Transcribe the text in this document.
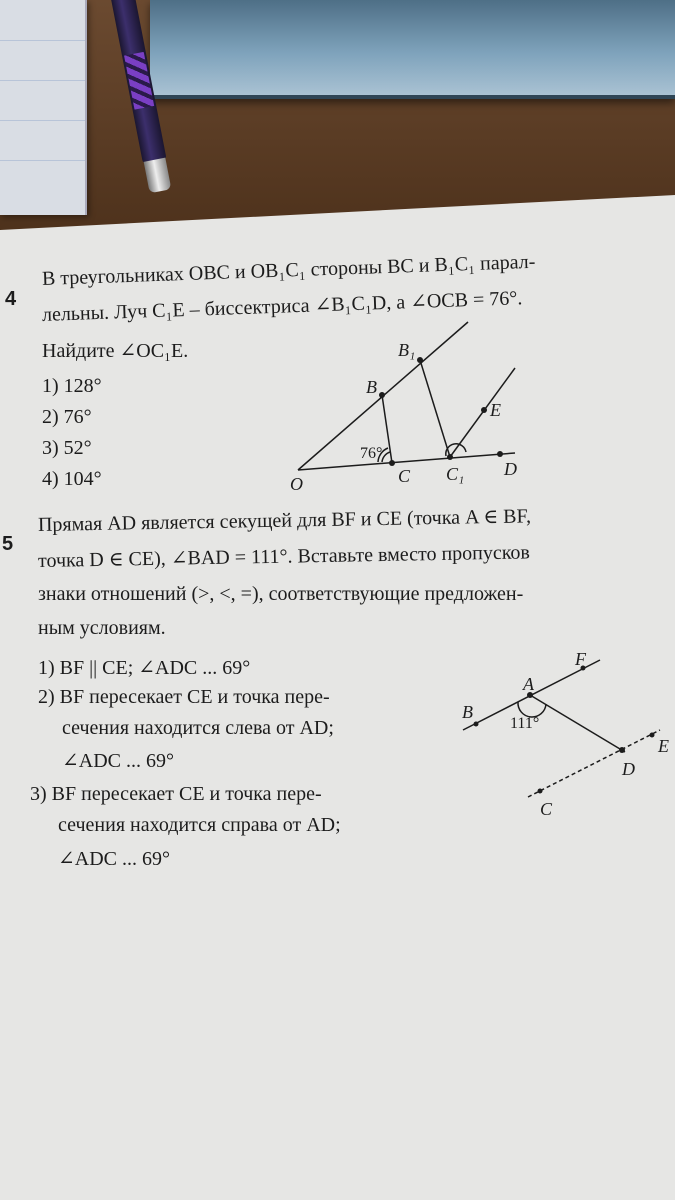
4
В треугольниках OBC и OB₁C₁ стороны BC и B₁C₁ парал-
лельны. Луч C₁E – биссектриса ∠B₁C₁D, а ∠OCB = 76°.
Найдите ∠OC₁E.
1) 128°
2) 76°
3) 52°
4) 104°	O
B
B₁
C C₁ D
E
76°
5
Прямая AD является секущей для BF и CE (точка A ∈ BF,
точка D ∈ CE), ∠BAD = 111°. Вставьте вместо пропусков
знаки отношений (>, <, =), соответствующие предложен-
ным условиям.
1) BF || CE; ∠ADC ... 69°
2) BF пересекает CE и точка пере-
сечения находится слева от AD;
∠ADC ... 69°
3) BF пересекает CE и точка пере-
сечения находится справа от AD;
∠ADC ... 69°
F
A
B
D
E
C
111°
